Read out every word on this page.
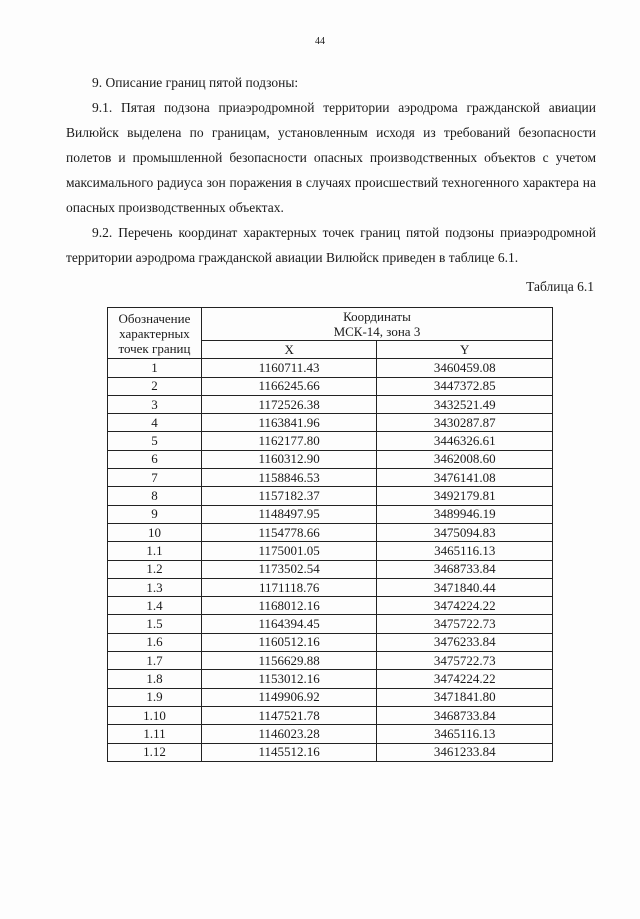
44

9. Описание границ пятой подзоны:

9.1. Пятая подзона приаэродромной территории аэродрома гражданской авиации Вилюйск выделена по границам, установленным исходя из требований безопасности полетов и промышленной безопасности опасных производственных объектов с учетом максимального радиуса зон поражения в случаях происшествий техногенного характера на опасных производственных объектах.

9.2. Перечень координат характерных точек границ пятой подзоны приаэродромной территории аэродрома гражданской авиации Вилюйск приведен в таблице 6.1.

Таблица 6.1
Обозначение характерных точек границ	Координаты
МСК-14, зона 3	
	X	Y
1	1160711.43	3460459.08
2	1166245.66	3447372.85
3	1172526.38	3432521.49
4	1163841.96	3430287.87
5	1162177.80	3446326.61
6	1160312.90	3462008.60
7	1158846.53	3476141.08
8	1157182.37	3492179.81
9	1148497.95	3489946.19
10	1154778.66	3475094.83
1.1	1175001.05	3465116.13
1.2	1173502.54	3468733.84
1.3	1171118.76	3471840.44
1.4	1168012.16	3474224.22
1.5	1164394.45	3475722.73
1.6	1160512.16	3476233.84
1.7	1156629.88	3475722.73
1.8	1153012.16	3474224.22
1.9	1149906.92	3471841.80
1.10	1147521.78	3468733.84
1.11	1146023.28	3465116.13
1.12	1145512.16	3461233.84
